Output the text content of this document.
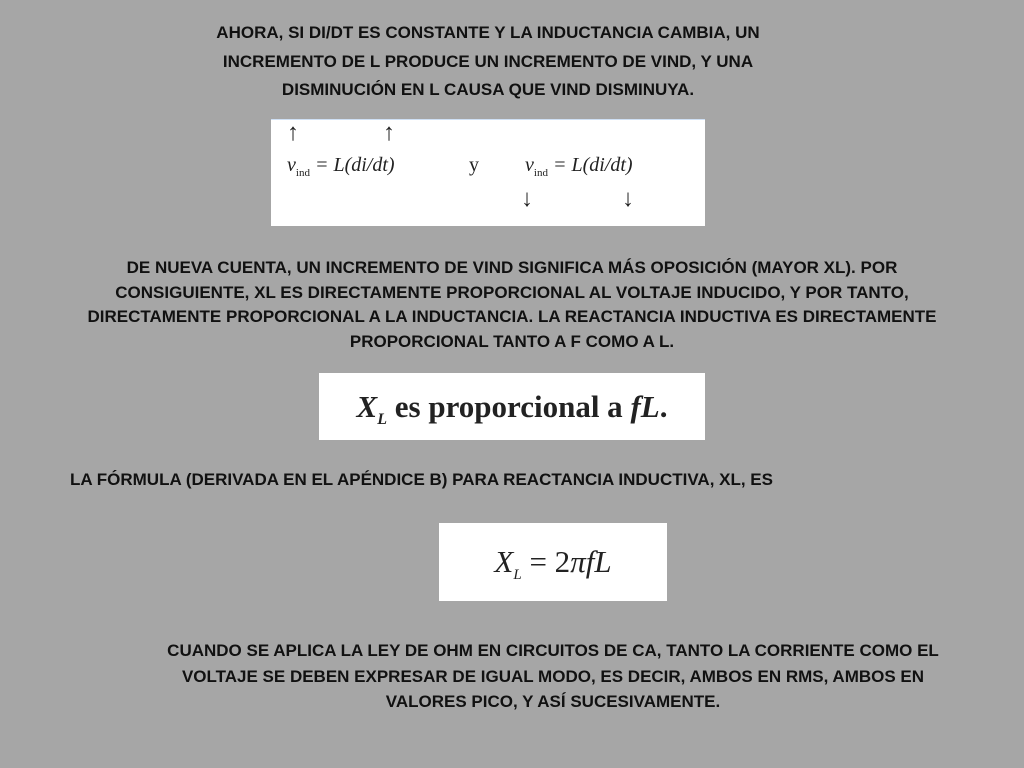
AHORA, SI DI/DT ES CONSTANTE Y LA INDUCTANCIA CAMBIA, UN
INCREMENTO DE L PRODUCE UN INCREMENTO DE VIND, Y UNA
DISMINUCIÓN EN L CAUSA QUE VIND DISMINUYA.
↑	↑
$v_{ind} = L(di/dt)$	y $v_{ind} = L(di/dt)$
↓	↓
DE NUEVA CUENTA, UN INCREMENTO DE VIND SIGNIFICA MÁS OPOSICIÓN (MAYOR XL). POR
CONSIGUIENTE, XL ES DIRECTAMENTE PROPORCIONAL AL VOLTAJE INDUCIDO, Y POR TANTO,
DIRECTAMENTE PROPORCIONAL A LA INDUCTANCIA. LA REACTANCIA INDUCTIVA ES DIRECTAMENTE
PROPORCIONAL TANTO A F COMO A L.
$X_L$ es proporcional a fL.
LA FÓRMULA (DERIVADA EN EL APÉNDICE B) PARA REACTANCIA INDUCTIVA, XL, ES
$X_L = 2\pi fL$
CUANDO SE APLICA LA LEY DE OHM EN CIRCUITOS DE CA, TANTO LA CORRIENTE COMO EL
VOLTAJE SE DEBEN EXPRESAR DE IGUAL MODO, ES DECIR, AMBOS EN RMS, AMBOS EN
VALORES PICO, Y ASÍ SUCESIVAMENTE.
